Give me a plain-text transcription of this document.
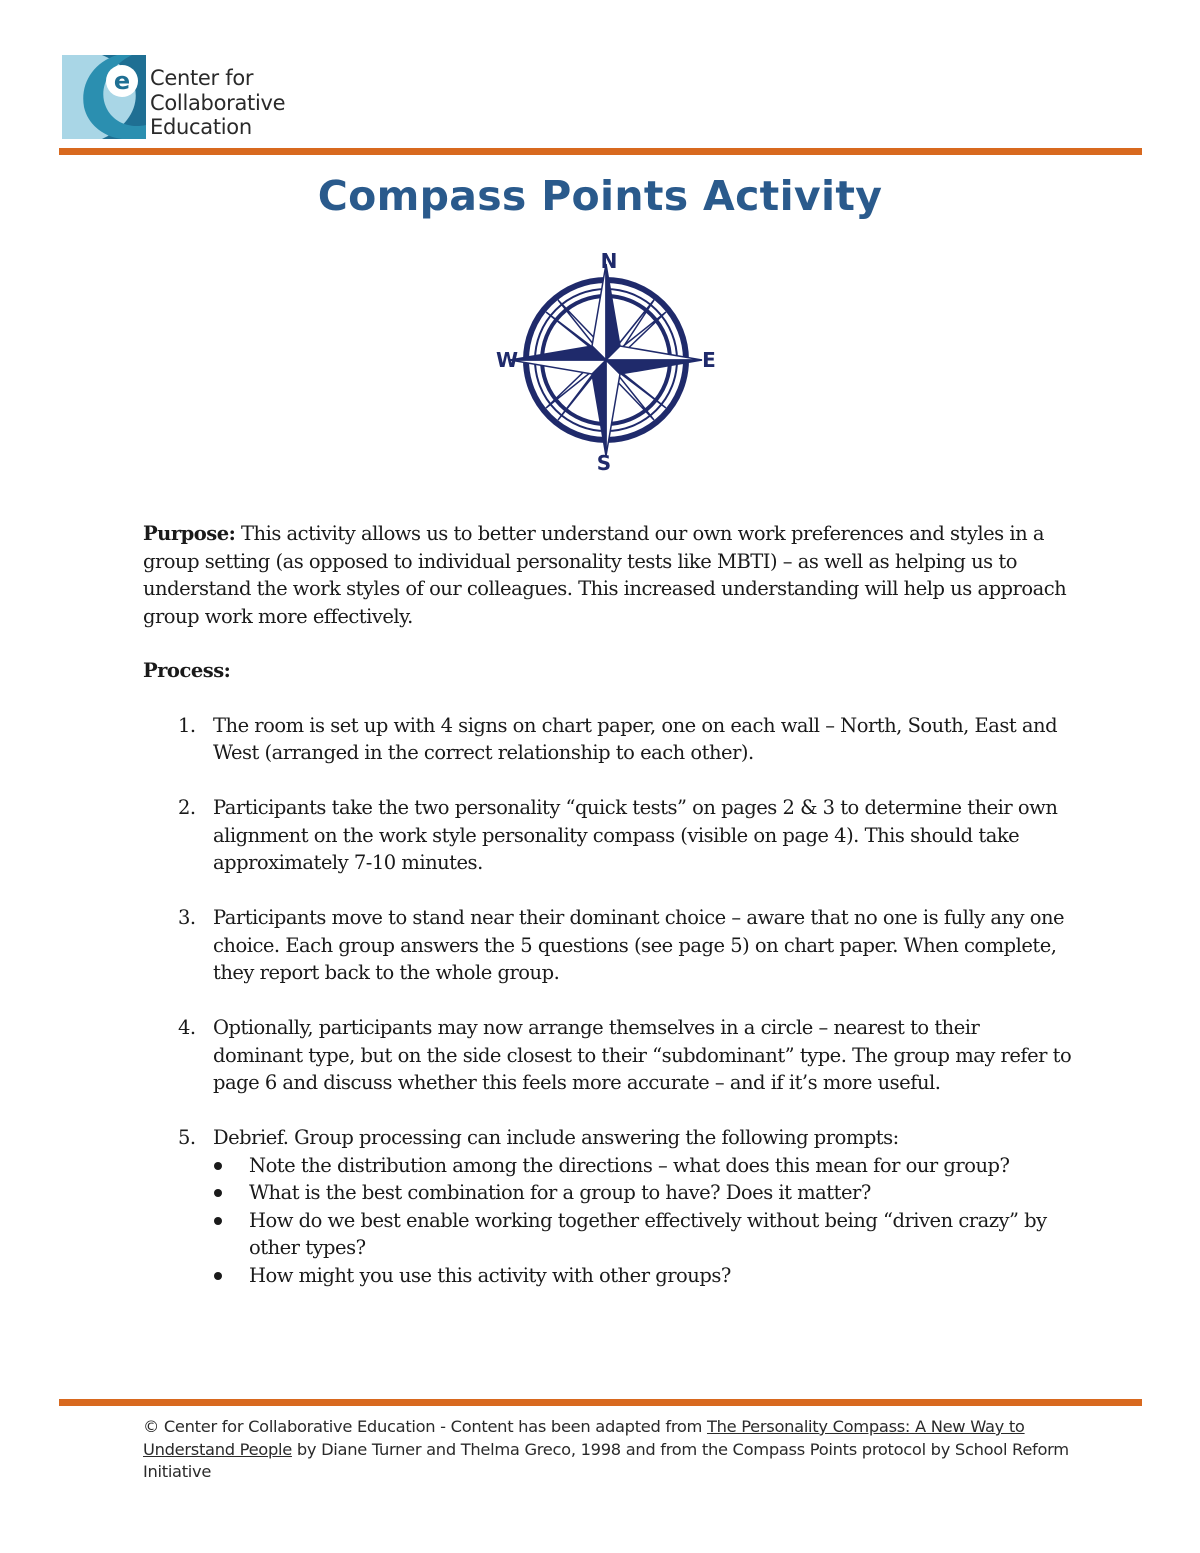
e Center for
Collaborative
Education
Compass Points Activity
N
S
E
W

Purpose: This activity allows us to better understand our own work preferences and styles in a group setting (as opposed to individual personality tests like MBTI) – as well as helping us to understand the work styles of our colleagues. This increased understanding will help us approach group work more effectively.

Process:

1. The room is set up with 4 signs on chart paper, one on each wall – North, South, East and West (arranged in the correct relationship to each other).
2. Participants take the two personality “quick tests” on pages 2 & 3 to determine their own alignment on the work style personality compass (visible on page 4). This should take approximately 7-10 minutes.
3. Participants move to stand near their dominant choice – aware that no one is fully any one choice. Each group answers the 5 questions (see page 5) on chart paper. When complete, they report back to the whole group.
4. Optionally, participants may now arrange themselves in a circle – nearest to their dominant type, but on the side closest to their “subdominant” type. The group may refer to page 6 and discuss whether this feels more accurate – and if it’s more useful.
5. Debrief. Group processing can include answering the following prompts:
Note the distribution among the directions – what does this mean for our group?
What is the best combination for a group to have? Does it matter?
How do we best enable working together effectively without being “driven crazy” by other types?
How might you use this activity with other groups?
© Center for Collaborative Education - Content has been adapted from The Personality Compass: A New Way to Understand People by Diane Turner and Thelma Greco, 1998 and from the Compass Points protocol by School Reform Initiative
